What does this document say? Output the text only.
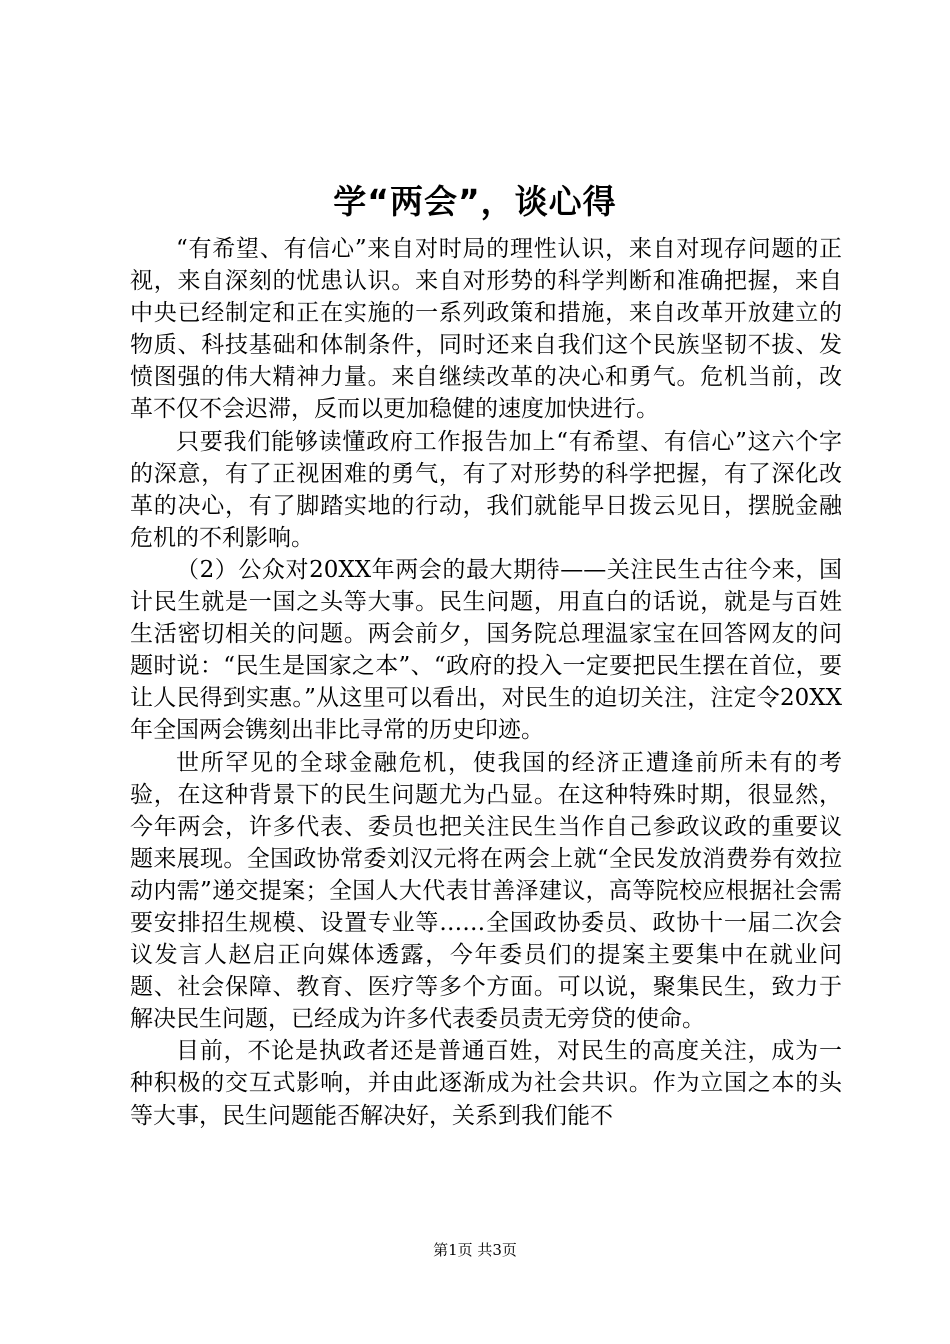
学“两会”，谈心得

“有希望、有信心”来自对时局的理性认识，来自对现存问题的正视，来自深刻的忧患认识。来自对形势的科学判断和准确把握，来自中央已经制定和正在实施的一系列政策和措施，来自改革开放建立的物质、科技基础和体制条件，同时还来自我们这个民族坚韧不拔、发愤图强的伟大精神力量。来自继续改革的决心和勇气。危机当前，改革不仅不会迟滞，反而以更加稳健的速度加快进行。

只要我们能够读懂政府工作报告加上“有希望、有信心”这六个字的深意，有了正视困难的勇气，有了对形势的科学把握，有了深化改革的决心，有了脚踏实地的行动，我们就能早日拨云见日，摆脱金融危机的不利影响。

（2）公众对20XX年两会的最大期待——关注民生古往今来，国计民生就是一国之头等大事。民生问题，用直白的话说，就是与百姓生活密切相关的问题。两会前夕，国务院总理温家宝在回答网友的问题时说：“民生是国家之本”、“政府的投入一定要把民生摆在首位，要让人民得到实惠。”从这里可以看出，对民生的迫切关注，注定令20XX年全国两会镌刻出非比寻常的历史印迹。

世所罕见的全球金融危机，使我国的经济正遭逢前所未有的考验，在这种背景下的民生问题尤为凸显。在这种特殊时期，很显然，今年两会，许多代表、委员也把关注民生当作自己参政议政的重要议题来展现。全国政协常委刘汉元将在两会上就“全民发放消费券有效拉动内需”递交提案；全国人大代表甘善泽建议，高等院校应根据社会需要安排招生规模、设置专业等……全国政协委员、政协十一届二次会议发言人赵启正向媒体透露，今年委员们的提案主要集中在就业问题、社会保障、教育、医疗等多个方面。可以说，聚集民生，致力于解决民生问题，已经成为许多代表委员责无旁贷的使命。

目前，不论是执政者还是普通百姓，对民生的高度关注，成为一种积极的交互式影响，并由此逐渐成为社会共识。作为立国之本的头等大事，民生问题能否解决好，关系到我们能不

第1页 共3页
